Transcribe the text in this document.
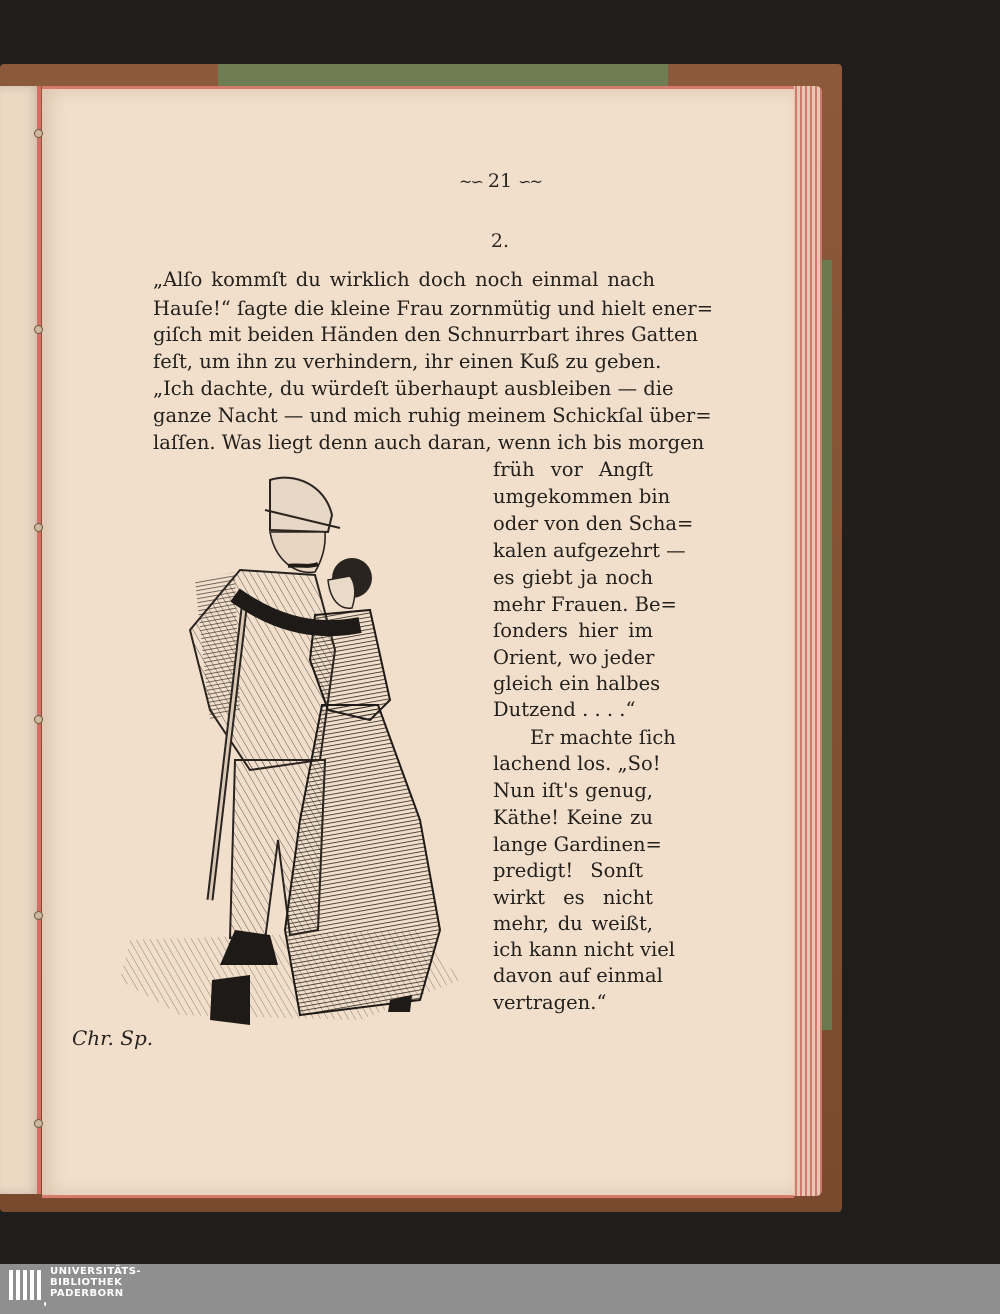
~∽ 21 ∽~
2.
„Alſo kommſt du wirklich doch noch einmal nach
Hauſe!“ ſagte die kleine Frau zornmütig und hielt ener=
giſch mit beiden Händen den Schnurrbart ihres Gatten
feſt, um ihn zu verhindern, ihr einen Kuß zu geben.
„Ich dachte, du würdeſt überhaupt ausbleiben — die
ganze Nacht — und mich ruhig meinem Schickſal über=
laſſen. Was liegt denn auch daran, wenn ich bis morgen
früh vor Angſt
umgekommen bin
oder von den Scha=
kalen aufgezehrt —
es giebt ja noch
mehr Frauen. Be=
ſonders hier im
Orient, wo jeder
gleich ein halbes
Dutzend . . . .“
Er machte ſich
lachend los. „So!
Nun iſt's genug,
Käthe! Keine zu
lange Gardinen=
predigt! Sonſt
wirkt es nicht
mehr, du weißt,
ich kann nicht viel
davon auf einmal
vertragen.“
Chr. Sp.
UNIVERSITÄTS-
BIBLIOTHEK
PADERBORN
